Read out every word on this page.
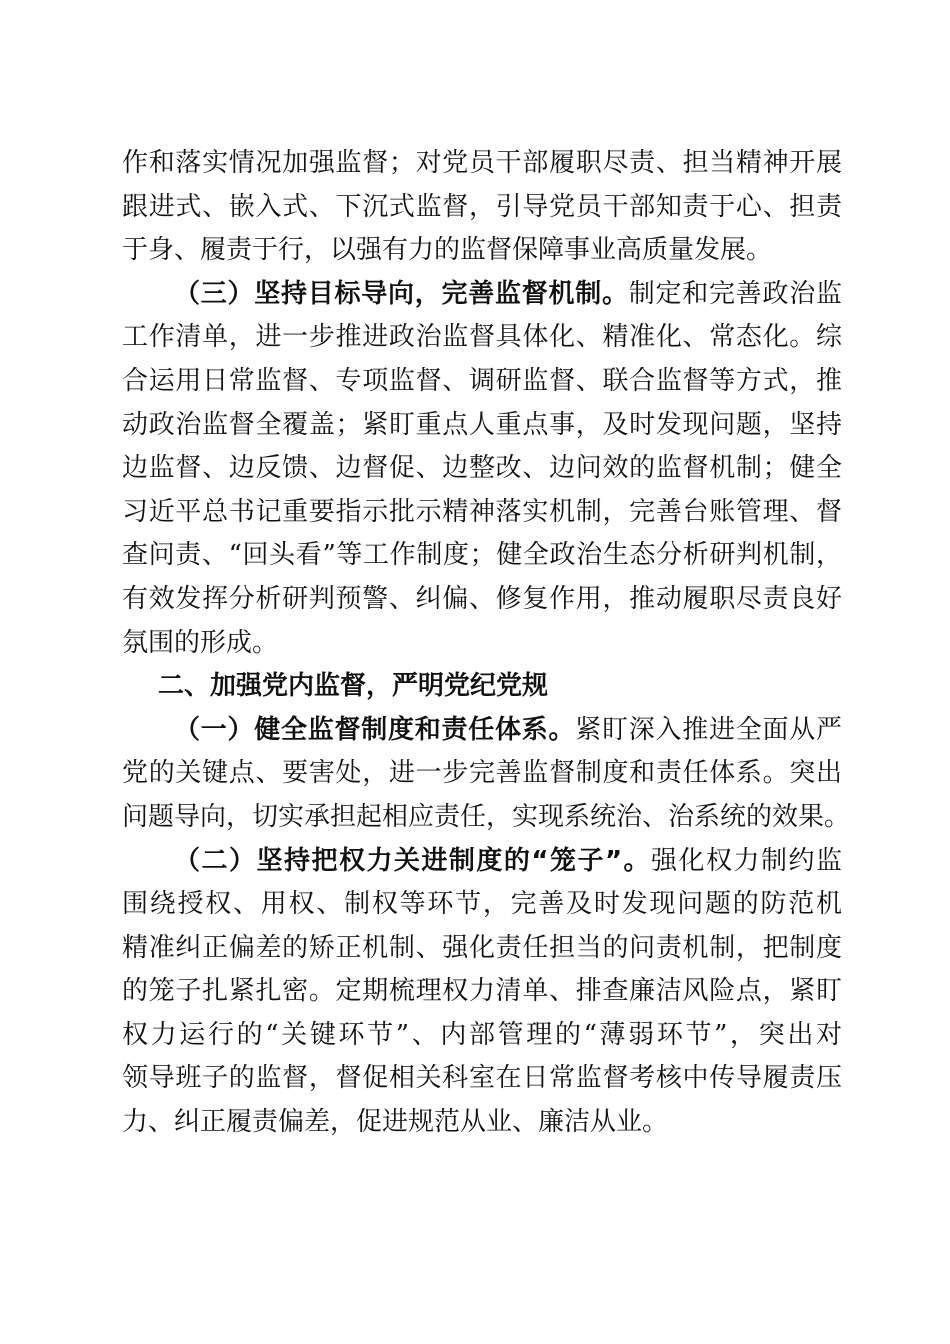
作和落实情况加强监督；对党员干部履职尽责、担当精神开展
跟进式、嵌入式、下沉式监督，引导党员干部知责于心、担责
于身、履责于行，以强有力的监督保障事业高质量发展。
（三）坚持目标导向，完善监督机制。制定和完善政治监
工作清单，进一步推进政治监督具体化、精准化、常态化。综
合运用日常监督、专项监督、调研监督、联合监督等方式，推
动政治监督全覆盖；紧盯重点人重点事，及时发现问题，坚持
边监督、边反馈、边督促、边整改、边问效的监督机制；健全
习近平总书记重要指示批示精神落实机制，完善台账管理、督
查问责、“回头看”等工作制度；健全政治生态分析研判机制，
有效发挥分析研判预警、纠偏、修复作用，推动履职尽责良好
氛围的形成。
二、加强党内监督，严明党纪党规
（一）健全监督制度和责任体系。紧盯深入推进全面从严
党的关键点、要害处，进一步完善监督制度和责任体系。突出
问题导向，切实承担起相应责任，实现系统治、治系统的效果。
（二）坚持把权力关进制度的“笼子”。强化权力制约监
围绕授权、用权、制权等环节，完善及时发现问题的防范机
精准纠正偏差的矫正机制、强化责任担当的问责机制，把制度
的笼子扎紧扎密。定期梳理权力清单、排查廉洁风险点，紧盯
权力运行的“关键环节”、内部管理的“薄弱环节”，突出对
领导班子的监督，督促相关科室在日常监督考核中传导履责压
力、纠正履责偏差，促进规范从业、廉洁从业。
